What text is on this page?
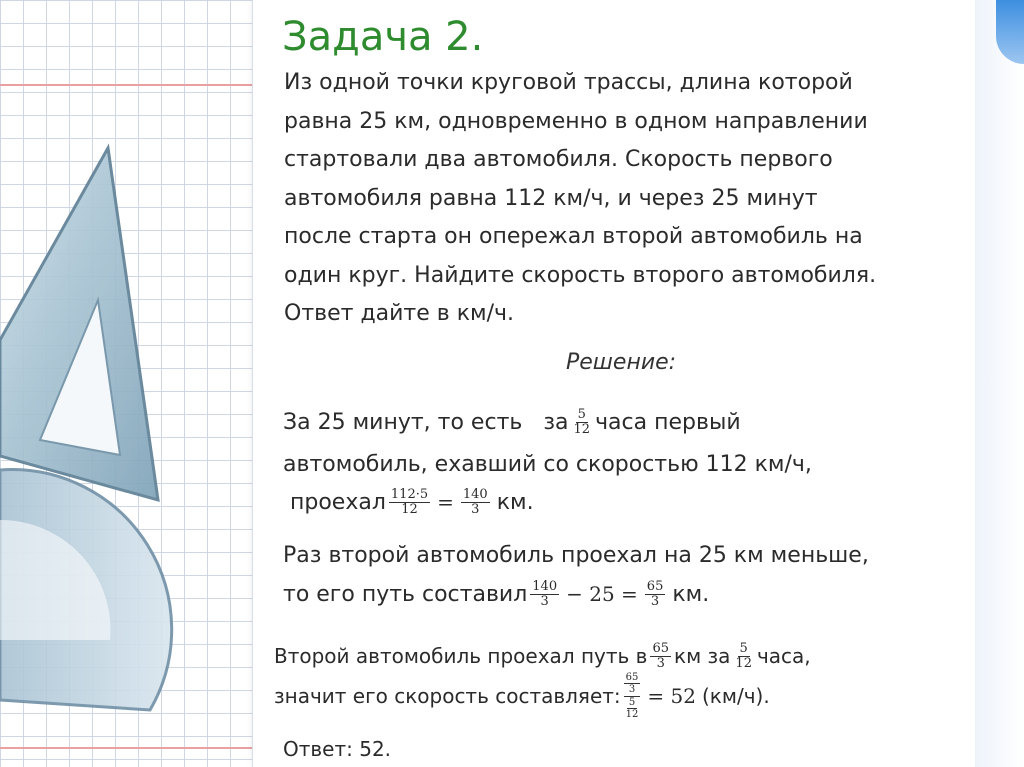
Задача 2.
Из одной точки круговой трассы, длина которой
равна 25 км, одновременно в одном направлении
стартовали два автомобиля. Скорость первого
автомобиля равна 112 км/ч, и через 25 минут
после старта он опережал второй автомобиль на
один круг. Найдите скорость второго автомобиля.
Ответ дайте в км/ч.
Решение:
За 25 минут, то есть   за $\frac{5}{12}$ часа первый
автомобиль, ехавший со скоростью 112 км/ч,
проехал $\frac{112\cdot 5}{12} = \frac{140}{3}$ км.
Раз второй автомобиль проехал на 25 км меньше,
то его путь составил $\frac{140}{3} - 25 = \frac{65}{3}$ км.
Второй автомобиль проехал путь в $\frac{65}{3}$ км за $\frac{5}{12}$ часа,
значит его скорость составляет: $\frac{\frac{65}{3}}{\frac{5}{12}} = 52$ (км/ч).
Ответ: 52.
